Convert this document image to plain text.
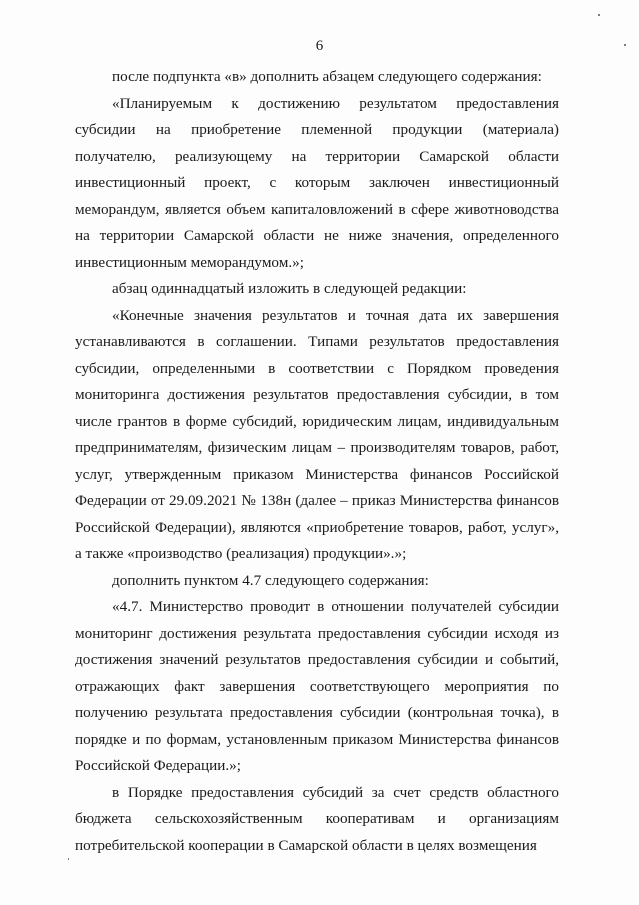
6

после подпункта «в» дополнить абзацем следующего содержания:

«Планируемым к достижению результатом предоставления субсидии на приобретение племенной продукции (материала) получателю, реализующему на территории Самарской области инвестиционный проект, с которым заключен инвестиционный меморандум, является объем капиталовложений в сфере животноводства на территории Самарской области не ниже значения, определенного инвестиционным меморандумом.»;

абзац одиннадцатый изложить в следующей редакции:

«Конечные значения результатов и точная дата их завершения устанавливаются в соглашении. Типами результатов предоставления субсидии, определенными в соответствии с Порядком проведения мониторинга достижения результатов предоставления субсидии, в том числе грантов в форме субсидий, юридическим лицам, индивидуальным предпринимателям, физическим лицам – производителям товаров, работ, услуг, утвержденным приказом Министерства финансов Российской Федерации от 29.09.2021 № 138н (далее – приказ Министерства финансов Российской Федерации), являются «приобретение товаров, работ, услуг», а также «производство (реализация) продукции».»;

дополнить пунктом 4.7 следующего содержания:

«4.7. Министерство проводит в отношении получателей субсидии мониторинг достижения результата предоставления субсидии исходя из достижения значений результатов предоставления субсидии и событий, отражающих факт завершения соответствующего мероприятия по получению результата предоставления субсидии (контрольная точка), в порядке и по формам, установленным приказом Министерства финансов Российской Федерации.»;

в Порядке предоставления субсидий за счет средств областного бюджета сельскохозяйственным кооперативам и организациям потребительской кооперации в Самарской области в целях возмещения
